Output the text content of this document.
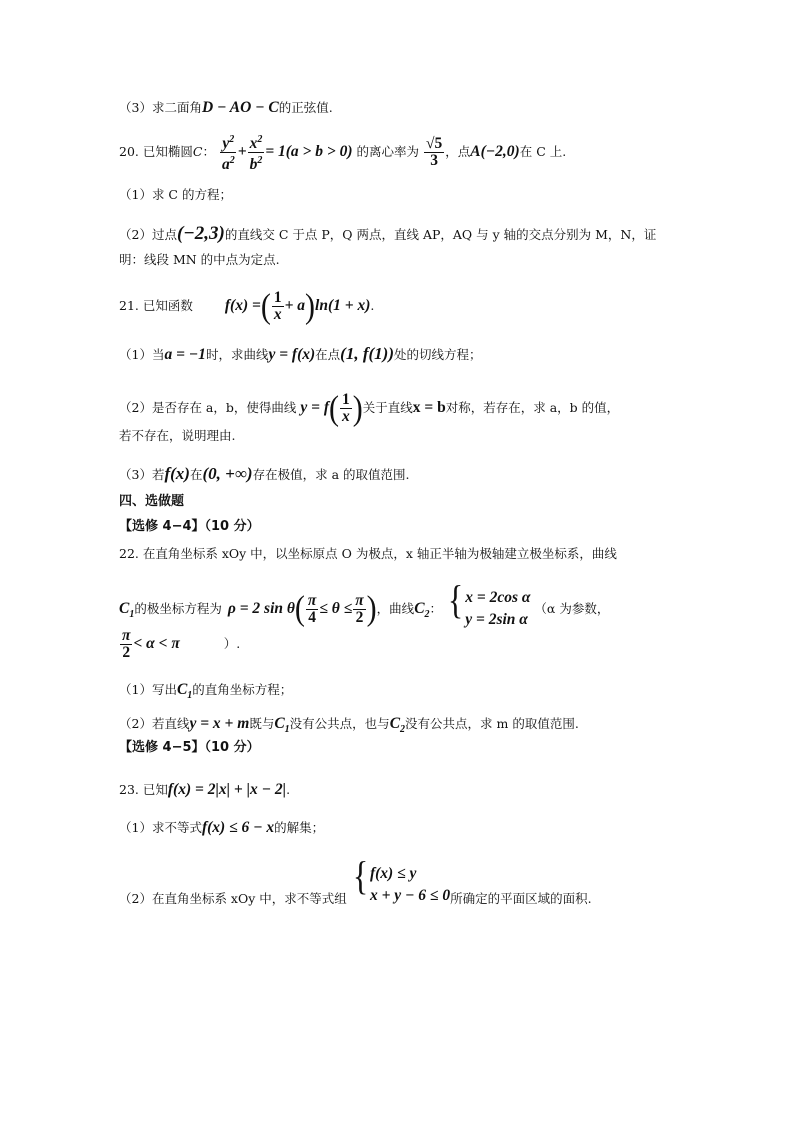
（3）求二面角D − AO − C的正弦值.
20. 已知椭圆C： $\frac{y^2}{a^2} + \frac{x^2}{b^2} = 1(a > b > 0)$ 的离心率为 $\frac{√5}{3}$ ，点A(−2,0)在 C 上.
（1）求 C 的方程；
（2）过点(−2,3)的直线交 C 于点 P，Q 两点，直线 AP，AQ 与 y 轴的交点分别为 M，N，证
明：线段 MN 的中点为定点.
21. 已知函数 f(x) =( $\frac{1}{x} + a)\ln(1 + x)$.
（1）当a = −1时，求曲线y = f(x)在点(1, f(1))处的切线方程；
（2）是否存在 a，b，使得曲线 $y = f( \frac{1}{x}$ )关于直线x = b对称，若存在，求 a，b 的值，
若不存在，说明理由.
（3）若f(x)在(0, +∞)存在极值，求 a 的取值范围.
四、选做题
【选修 4−4】（10 分）
22. 在直角坐标系 xOy 中，以坐标原点 O 为极点，x 轴正半轴为极轴建立极坐标系，曲线
$C_1$的极坐标方程为 ρ = 2 $\sin \theta( \frac{\pi}{4} \le \theta \le \frac{\pi}{2}$ )，曲线$C_2$： { x = 2cos α
y = 2sin α
（α 为参数，
$\frac{\pi}{2} < \alpha < \pi$	）.
（1）写出$C_1$的直角坐标方程；
（2）若直线y = x + m既与$C_1$没有公共点，也与$C_2$没有公共点，求 m 的取值范围.
【选修 4−5】（10 分）
23. 已知f(x) = 2|x| + |x − 2|.
（1）求不等式f(x) ≤ 6 − x的解集；
（2）在直角坐标系 xOy 中，求不等式组 { f(x) ≤ y
x + y − 6 ≤ 0 所确定的平面区域的面积.
